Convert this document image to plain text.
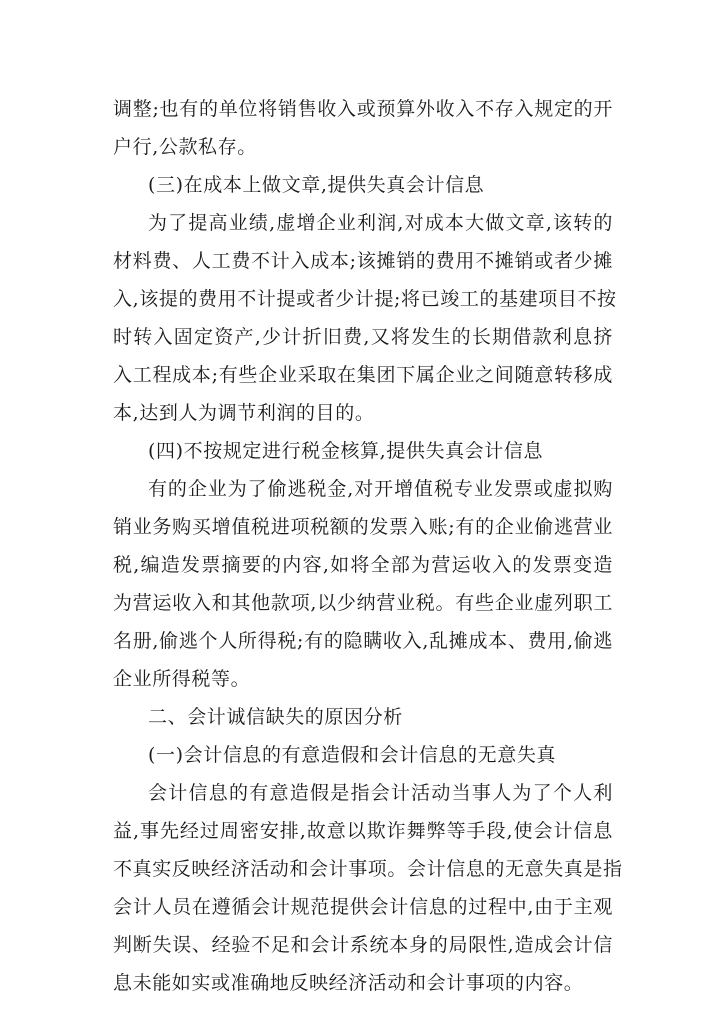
调整;也有的单位将销售收入或预算外收入不存入规定的开
户行,公款私存。
(三)在成本上做文章,提供失真会计信息
为了提高业绩,虚增企业利润,对成本大做文章,该转的
材料费、人工费不计入成本;该摊销的费用不摊销或者少摊
入,该提的费用不计提或者少计提;将已竣工的基建项目不按
时转入固定资产,少计折旧费,又将发生的长期借款利息挤
入工程成本;有些企业采取在集团下属企业之间随意转移成
本,达到人为调节利润的目的。
(四)不按规定进行税金核算,提供失真会计信息
有的企业为了偷逃税金,对开增值税专业发票或虚拟购
销业务购买增值税进项税额的发票入账;有的企业偷逃营业
税,编造发票摘要的内容,如将全部为营运收入的发票变造
为营运收入和其他款项,以少纳营业税。有些企业虚列职工
名册,偷逃个人所得税;有的隐瞒收入,乱摊成本、费用,偷逃
企业所得税等。
二、会计诚信缺失的原因分析
(一)会计信息的有意造假和会计信息的无意失真
会计信息的有意造假是指会计活动当事人为了个人利
益,事先经过周密安排,故意以欺诈舞弊等手段,使会计信息
不真实反映经济活动和会计事项。会计信息的无意失真是指
会计人员在遵循会计规范提供会计信息的过程中,由于主观
判断失误、经验不足和会计系统本身的局限性,造成会计信
息未能如实或准确地反映经济活动和会计事项的内容。
